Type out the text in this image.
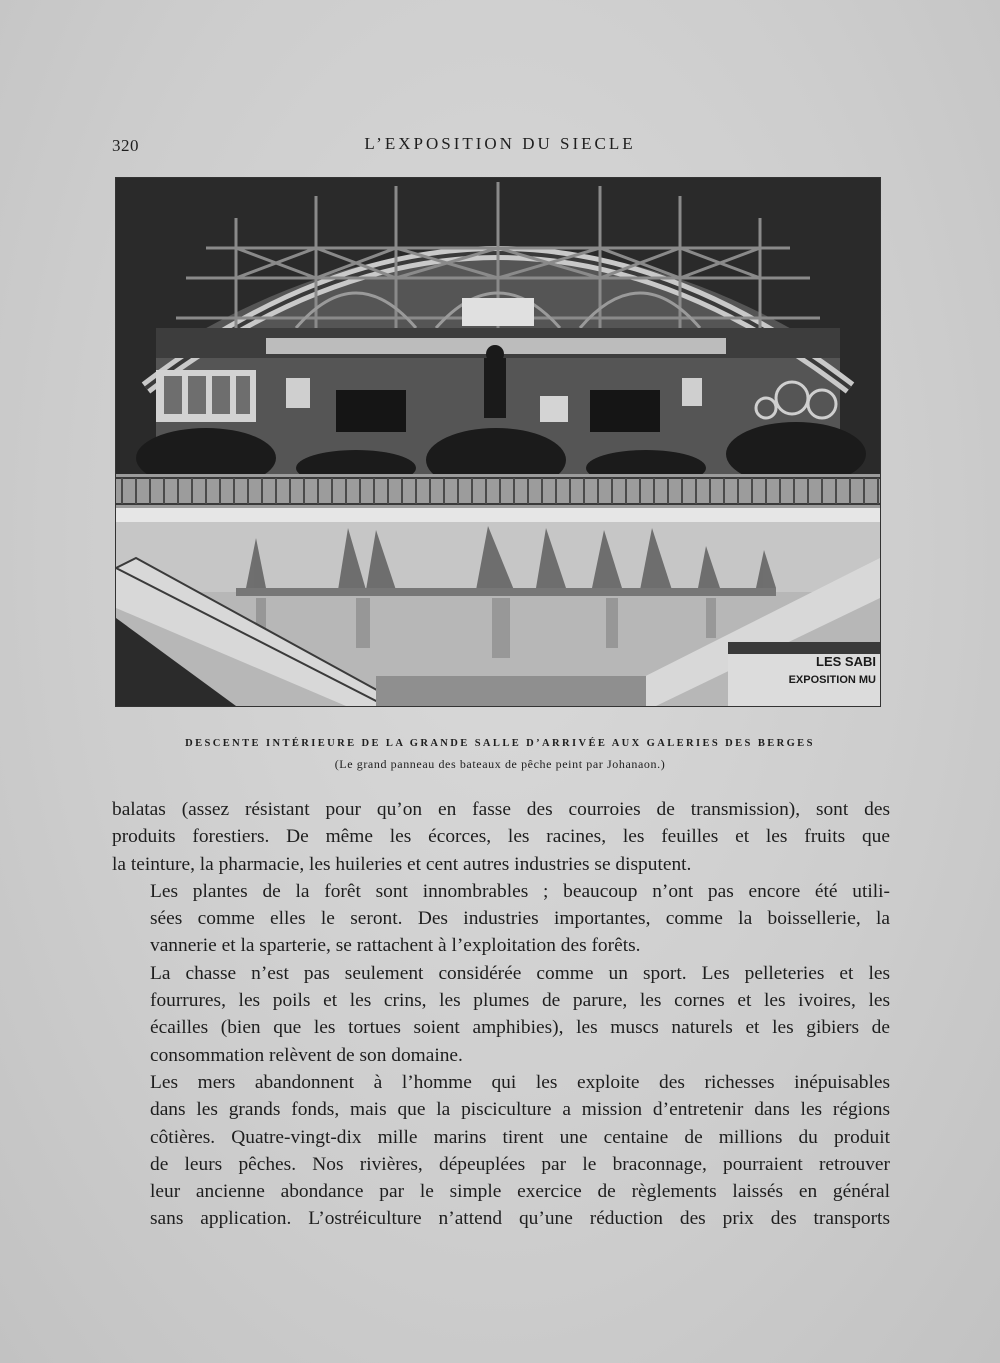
320	L’EXPOSITION DU SIECLE
LES SABI
EXPOSITION MU
DESCENTE INTÉRIEURE DE LA GRANDE SALLE D’ARRIVÉE AUX GALERIES DES BERGES
(Le grand panneau des bateaux de pêche peint par Johanaon.)

balatas (assez résistant pour qu’on en fasse des courroies de transmission), sont des
produits forestiers. De même les écorces, les racines, les feuilles et les fruits que
la teinture, la pharmacie, les huileries et cent autres industries se disputent.

Les plantes de la forêt sont innombrables ; beaucoup n’ont pas encore été utili-
sées comme elles le seront. Des industries importantes, comme la boissellerie, la
vannerie et la sparterie, se rattachent à l’exploitation des forêts.

La chasse n’est pas seulement considérée comme un sport. Les pelleteries et les
fourrures, les poils et les crins, les plumes de parure, les cornes et les ivoires, les
écailles (bien que les tortues soient amphibies), les muscs naturels et les gibiers de
consommation relèvent de son domaine.

Les mers abandonnent à l’homme qui les exploite des richesses inépuisables
dans les grands fonds, mais que la pisciculture a mission d’entretenir dans les régions
côtières. Quatre-vingt-dix mille marins tirent une centaine de millions du produit
de leurs pêches. Nos rivières, dépeuplées par le braconnage, pourraient retrouver
leur ancienne abondance par le simple exercice de règlements laissés en général
sans application. L’ostréiculture n’attend qu’une réduction des prix des transports
